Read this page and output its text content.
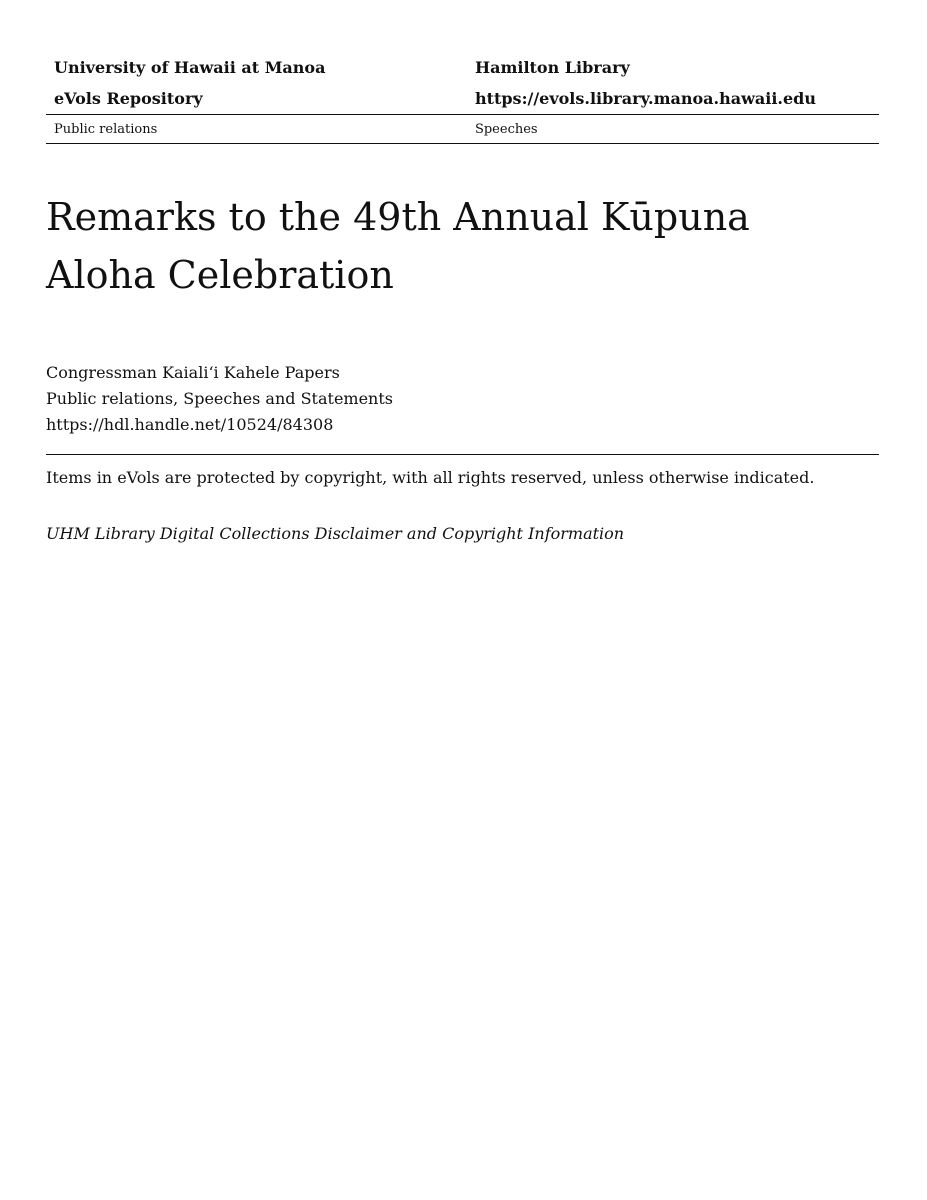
University of Hawaii at Manoa	Hamilton Library
eVols Repository	https://evols.library.manoa.hawaii.edu
Public relations	Speeches
Remarks to the 49th Annual Kūpuna
Aloha Celebration
Congressman Kaialiʻi Kahele Papers
Public relations, Speeches and Statements
https://hdl.handle.net/10524/84308
Items in eVols are protected by copyright, with all rights reserved, unless otherwise indicated.
UHM Library Digital Collections Disclaimer and Copyright Information
